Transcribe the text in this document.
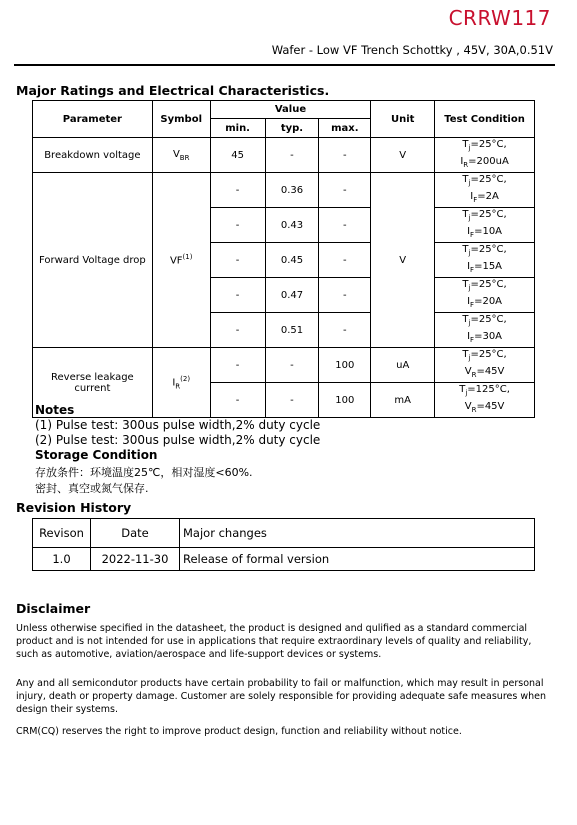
CRRW117
Wafer - Low VF Trench Schottky , 45V, 30A,0.51V
Major Ratings and Electrical Characteristics.
Parameter	Symbol	Value			Unit	Test Condition
		min.	typ.	max.		
Breakdown voltage	$V_{BR}$	45	-	-	V	$T_j=25^\circ C$,
$I_R=200uA$
Forward Voltage drop	VF$^{(1)}$	-	0.36	-	V	$T_j=25^\circ C$,
$I_F=2A$
		-	0.43	-		$T_j=25^\circ C$,
$I_F=10A$
		-	0.45	-		$T_j=25^\circ C$,
$I_F=15A$
		-	0.47	-		$T_j=25^\circ C$,
$I_F=20A$
		-	0.51	-		$T_j=25^\circ C$,
$I_F=30A$
Reverse leakage
current	$I_R^{(2)}$	-	-	100	uA	$T_j=25^\circ C$,
$V_R=45V$
		-	-	100	mA	$T_j=125^\circ C$,
$V_R=45V$
Notes
(1) Pulse test: 300us pulse width,2% duty cycle
(2) Pulse test: 300us pulse width,2% duty cycle
Storage Condition
存放条件：环境温度25℃，相对湿度<60%.
密封、真空或氮气保存.
Revision History
Revison	Date	Major changes
1.0	2022-11-30	Release of formal version
Disclaimer

Unless otherwise specified in the datasheet, the product is designed and qulified as a standard commercial product and is not intended for use in applications that require extraordinary levels of quality and reliability, such as automotive, aviation/aerospace and life-support devices or systems.

Any and all semicondutor products have certain probability to fail or malfunction, which may result in personal injury, death or property damage. Customer are solely responsible for providing adequate safe measures when design their systems.

CRM(CQ) reserves the right to improve product design, function and reliability without notice.
